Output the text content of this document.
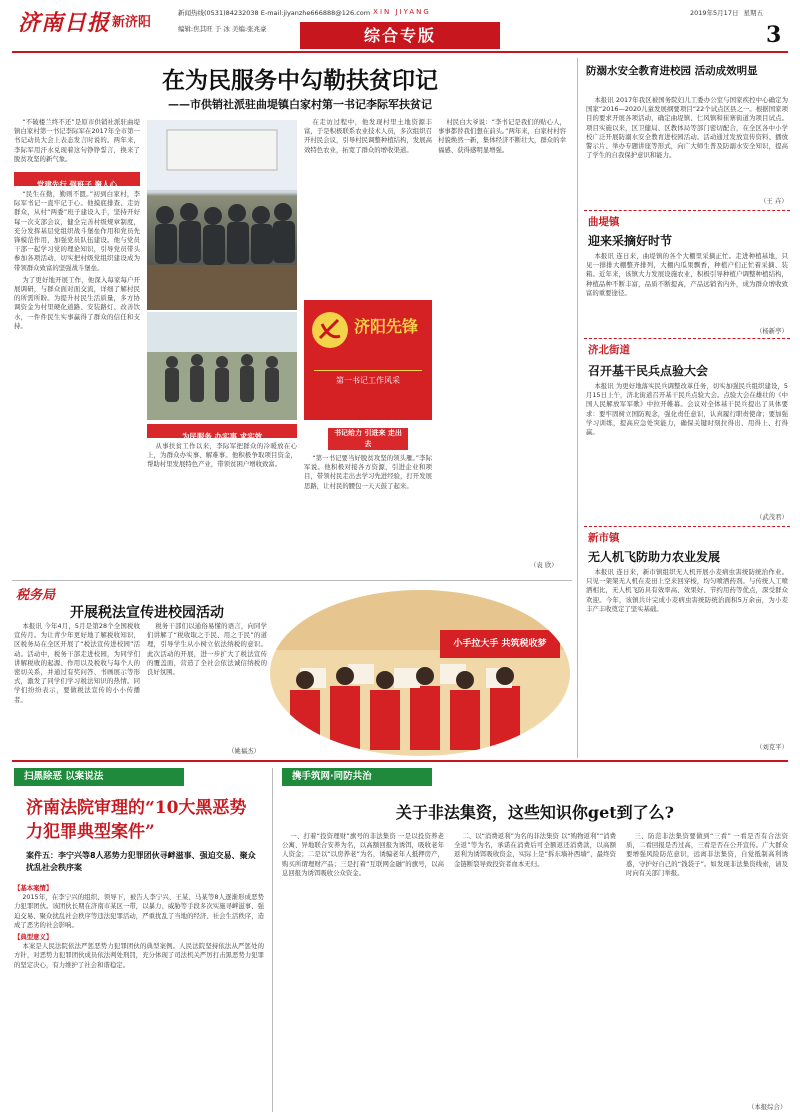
济南日报 新济阳
新闻热线(0531)84232038 E-mail:jiyanzhe666888@126.com
编辑:焦其旺 于 冰 美编:张兆豪
XIN JIYANG
综合专版
2019年5月17日 星期五
3
在为民服务中勾勒扶贫印记
——市供销社派驻曲堤镇白家村第一书记李际军扶贫记

“不破楼兰终不还”是原市供销社派驻曲堤镇白家村第一书记李际军在2017年全市第一书记动员大会上表态发言时说的。两年来，李际军用汗水兑现着这句铮铮誓言，换来了脱贫攻坚的新气象。

党建先行 强班子 聚人心

“民生在勤，勤则不匮。”初到白家村，李际军书记一直牢记于心。他摸底排查、走访群众，从村“两委”班子建设入手，坚持开好每一次支部会议，健全完善村级规章制度，充分发挥基层党组织战斗堡垒作用和党员先锋模范作用，加强党员队伍建设。他与党员干部一起学习党的理论知识，引导党员带头参加各项活动，切实把村级党组织建设成为带领群众致富的坚强战斗堡垒。

为了更好地开展工作，他深入每家每户开展调研，与群众面对面交流，详细了解村民的所需所盼。为提升村民生活质量，多方协调资金为村里硬化道路、安装路灯、改善饮水，一件件民生实事赢得了群众的信任和支持。

为民服务 办实事 求实效

从事扶贫工作以来，李际军把群众的冷暖放在心上，为群众办实事、解难事。他积极争取项目资金，帮助村里发展特色产业，带领贫困户增收致富。

在走访过程中，他发现村里土地资源丰富，于是积极联系农业技术人员，多次组织召开村民会议，引导村民调整种植结构，发展高效特色农业，拓宽了群众的增收渠道。

村民白大爷说：“李书记是我们的贴心人，事事都替我们想在前头。”两年来，白家村村容村貌焕然一新，集体经济不断壮大，群众的幸福感、获得感明显增强。

济阳先锋
第一书记工作风采
书记给力 引进来 走出去

“第一书记要当好脱贫攻坚的领头雁。”李际军说。他积极对接各方资源，引进企业和项目，带领村民走出去学习先进经验，打开发展思路，让村民的腰包一天天鼓了起来。

（袁 欣）
税务局
开展税法宣传进校园活动

本报讯 今年4月，5月是第28个全国税收宣传月。为让青少年更好地了解税收知识，区税务局在全区开展了“税法宣传进校园”活动。活动中，税务干部走进校园，为同学们讲解税收的起源、作用以及税收与每个人的密切关系，并通过有奖问答、书画展示等形式，激发了同学们学习税法知识的热情。同学们纷纷表示，要做税法宣传的小小传播者。

税务干部们以通俗易懂的语言，向同学们讲解了“税收取之于民、用之于民”的道理，引导学生从小树立依法纳税的意识。此次活动的开展，进一步扩大了税法宣传的覆盖面，营造了全社会依法诚信纳税的良好氛围。

（姚福杰）
小手拉大手 共筑税收梦
防溺水安全教育进校园 活动成效明显

本报讯 2017年我区被国务院妇儿工委办公室与国家疾控中心确定为国家“2016—2020儿童发展纲要项目”22个试点区县之一。根据国家项目的要求开展各项活动，确定曲堤镇、仁风镇和崔寨街道为项目试点。项目实施以来，区卫健局、区教体局等部门密切配合，在全区各中小学校广泛开展防溺水安全教育进校园活动。活动通过发放宣传资料、播放警示片、举办专题讲座等形式，向广大师生普及防溺水安全知识，提高了学生的自我保护意识和能力。

（王 卉）
曲堤镇
迎来采摘好时节

本报讯 连日来，曲堤镇的各个大棚里采摘正忙。走进种植基地，只见一排排大棚整齐排列，大棚内瓜果飘香，种植户们正忙着采摘、装箱。近年来，该镇大力发展设施农业，积极引导种植户调整种植结构，种植品种不断丰富，品质不断提高，产品远销省内外，成为群众增收致富的重要途径。

（杨新亭）
济北街道
召开基干民兵点验大会

本报讯 为更好地落实民兵调整改革任务，切实加强民兵组织建设，5月15日上午，济北街道召开基干民兵点验大会。点验大会在雄壮的《中国人民解放军军歌》中拉开帷幕。会议对全体基干民兵提出了具体要求：要牢固树立国防观念，强化责任意识，认真履行职责使命；要加强学习训练，提高应急处突能力，确保关键时刻拉得出、用得上、打得赢。

（武茂君）
新市镇
无人机飞防助力农业发展

本报讯 连日来，新市镇组织无人机开展小麦病虫害统防统治作业。只见一架架无人机在麦田上空来回穿梭，均匀喷洒药剂。与传统人工喷洒相比，无人机飞防具有效率高、效果好、节约用药等优点，深受群众欢迎。今年，该镇共计完成小麦病虫害统防统治面积5万余亩，为小麦丰产丰收奠定了坚实基础。

（刘克平）
扫黑除恶 以案说法
济南法院审理的“10大黑恶势力犯罪典型案件”
案件五：李宁兴等8人恶势力犯罪团伙寻衅滋事、强迫交易、聚众扰乱社会秩序案
【基本案情】

2015年，在李宁兴的组织、领导下，被告人李宁兴、王某、马某等8人逐渐形成恶势力犯罪团伙。该团伙长期在济南市某区一带，以暴力、威胁等手段多次实施寻衅滋事、强迫交易、聚众扰乱社会秩序等违法犯罪活动，严重扰乱了当地的经济、社会生活秩序，造成了恶劣的社会影响。

【典型意义】

本案是人民法院依法严惩恶势力犯罪团伙的典型案例。人民法院坚持依法从严惩处的方针，对恶势力犯罪团伙成员依法判处刑罚，充分体现了司法机关严厉打击黑恶势力犯罪的坚定决心，有力维护了社会和谐稳定。

携手筑网·同防共治
关于非法集资，这些知识你get到了么?

一、打着“投资理财”旗号的非法集资 一是以投资养老公寓、异地联合安养为名，以高额回报为诱饵，吸收老年人资金；二是以“以房养老”为名，诱骗老年人抵押房产，购买所谓理财产品；三是打着“互联网金融”的旗号，以高息回报为诱饵吸收公众资金。

二、以“消费返利”为名的非法集资 以“购物返利”“消费全返”等为名，承诺在消费后可全额返还消费款，以高额返利为诱饵吸收资金，实际上是“拆东墙补西墙”，最终资金链断裂导致投资者血本无归。

三、防范非法集资要做到“三看” 一看是否有合法资质，二看回报是否过高，三看是否在公开宣传。广大群众要增强风险防范意识，远离非法集资，自觉抵制高利诱惑，守护好自己的“钱袋子”。如发现非法集资线索，请及时向有关部门举报。

（本报综合）
